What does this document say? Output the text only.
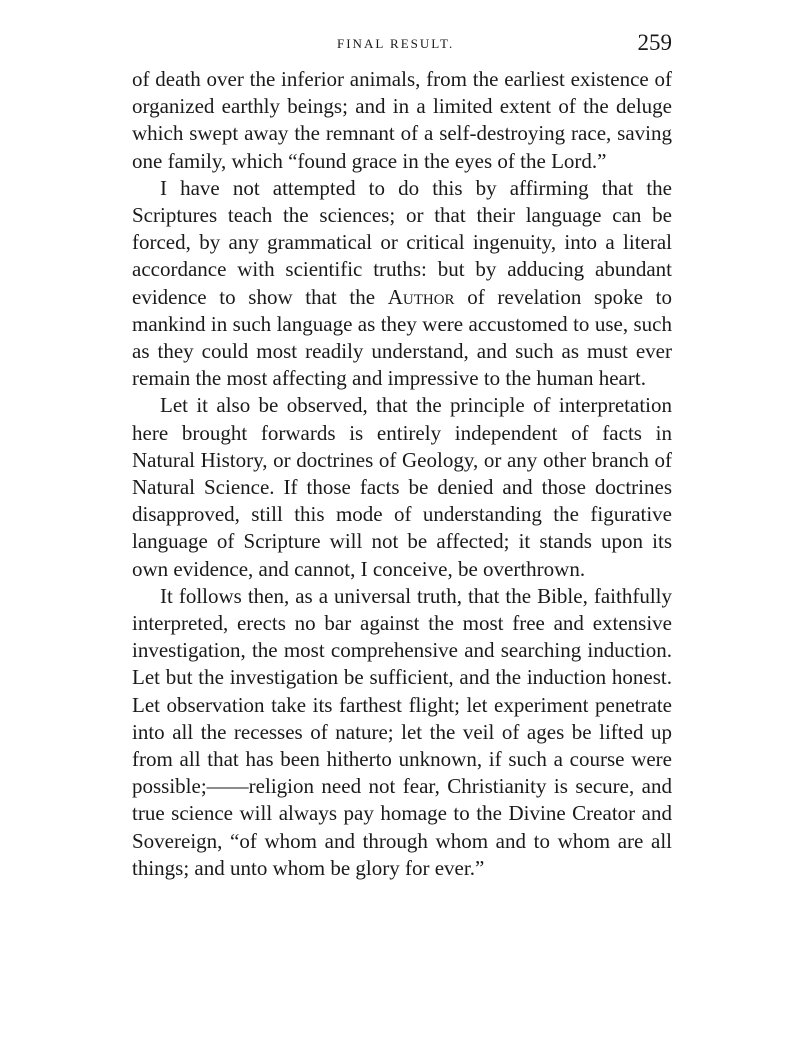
FINAL RESULT.	259

of death over the inferior animals, from the earliest existence of organized earthly beings; and in a limited extent of the deluge which swept away the remnant of a self-destroying race, saving one family, which “found grace in the eyes of the Lord.”

I have not attempted to do this by affirming that the Scriptures teach the sciences; or that their language can be forced, by any grammatical or critical ingenuity, into a literal accordance with scientific truths: but by adducing abundant evidence to show that the Author of revelation spoke to mankind in such language as they were accustomed to use, such as they could most readily understand, and such as must ever remain the most affecting and impressive to the human heart.

Let it also be observed, that the principle of interpretation here brought forwards is entirely independent of facts in Natural History, or doctrines of Geology, or any other branch of Natural Science. If those facts be denied and those doctrines disapproved, still this mode of understanding the figurative language of Scripture will not be affected; it stands upon its own evidence, and cannot, I conceive, be overthrown.

It follows then, as a universal truth, that the Bible, faithfully interpreted, erects no bar against the most free and extensive investigation, the most comprehensive and searching induction. Let but the investigation be sufficient, and the induction honest. Let observation take its farthest flight; let experiment penetrate into all the recesses of nature; let the veil of ages be lifted up from all that has been hitherto unknown, if such a course were possible;——religion need not fear, Christianity is secure, and true science will always pay homage to the Divine Creator and Sovereign, “of whom and through whom and to whom are all things; and unto whom be glory for ever.”
